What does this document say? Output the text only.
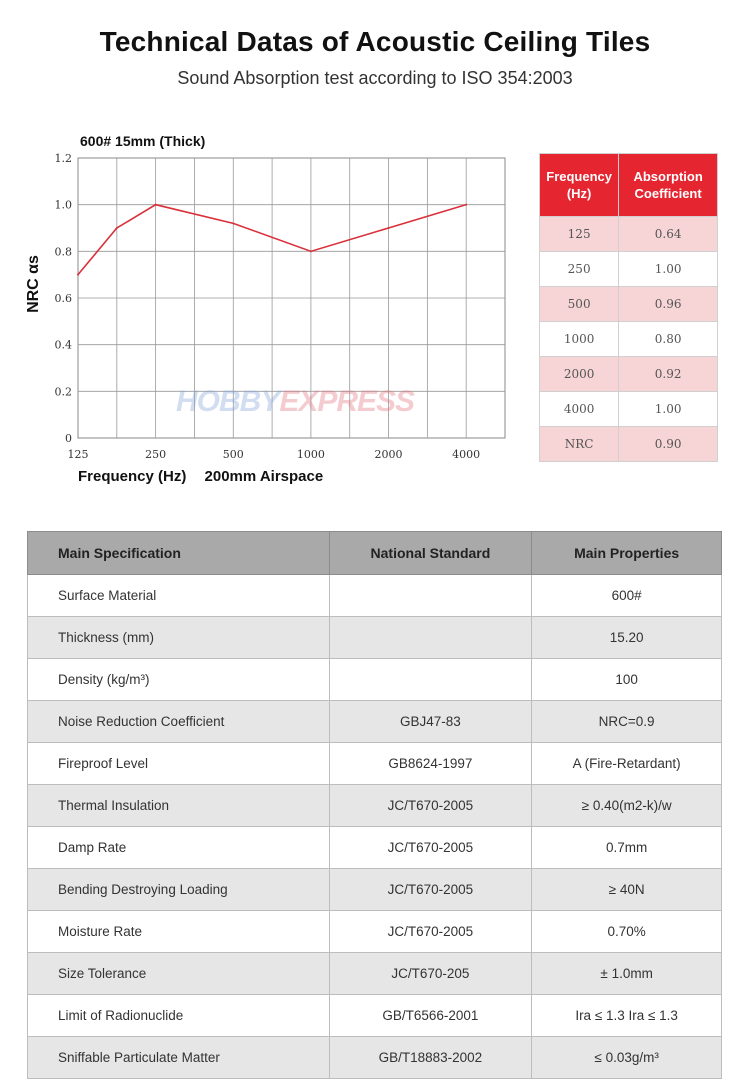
Technical Datas of Acoustic Ceiling Tiles
Sound Absorption test according to ISO 354:2003
600# 15mm (Thick)
0
0.2
0.4
0.6
0.8
1.0
1.2
125	250	500	1000	2000	4000
NRC αs
Frequency (Hz) 200mm Airspace
HOBBYEXPRESS
Frequency (Hz)	Absorption Coefficient
125	0.64
250	1.00
500	0.96
1000	0.80
2000	0.92
4000	1.00
NRC	0.90
Main Specification	National Standard	Main Properties
Surface Material		600#
Thickness (mm)		15.20
Density (kg/m³)		100
Noise Reduction Coefficient	GBJ47-83	NRC=0.9
Fireproof Level	GB8624-1997	A (Fire-Retardant)
Thermal Insulation	JC/T670-2005	≥ 0.40(m2-k)/w
Damp Rate	JC/T670-2005	0.7mm
Bending Destroying Loading	JC/T670-2005	≥ 40N
Moisture Rate	JC/T670-2005	0.70%
Size Tolerance	JC/T670-205	± 1.0mm
Limit of Radionuclide	GB/T6566-2001	Ira ≤ 1.3 Ira ≤ 1.3
Sniffable Particulate Matter	GB/T18883-2002	≤ 0.03g/m³
